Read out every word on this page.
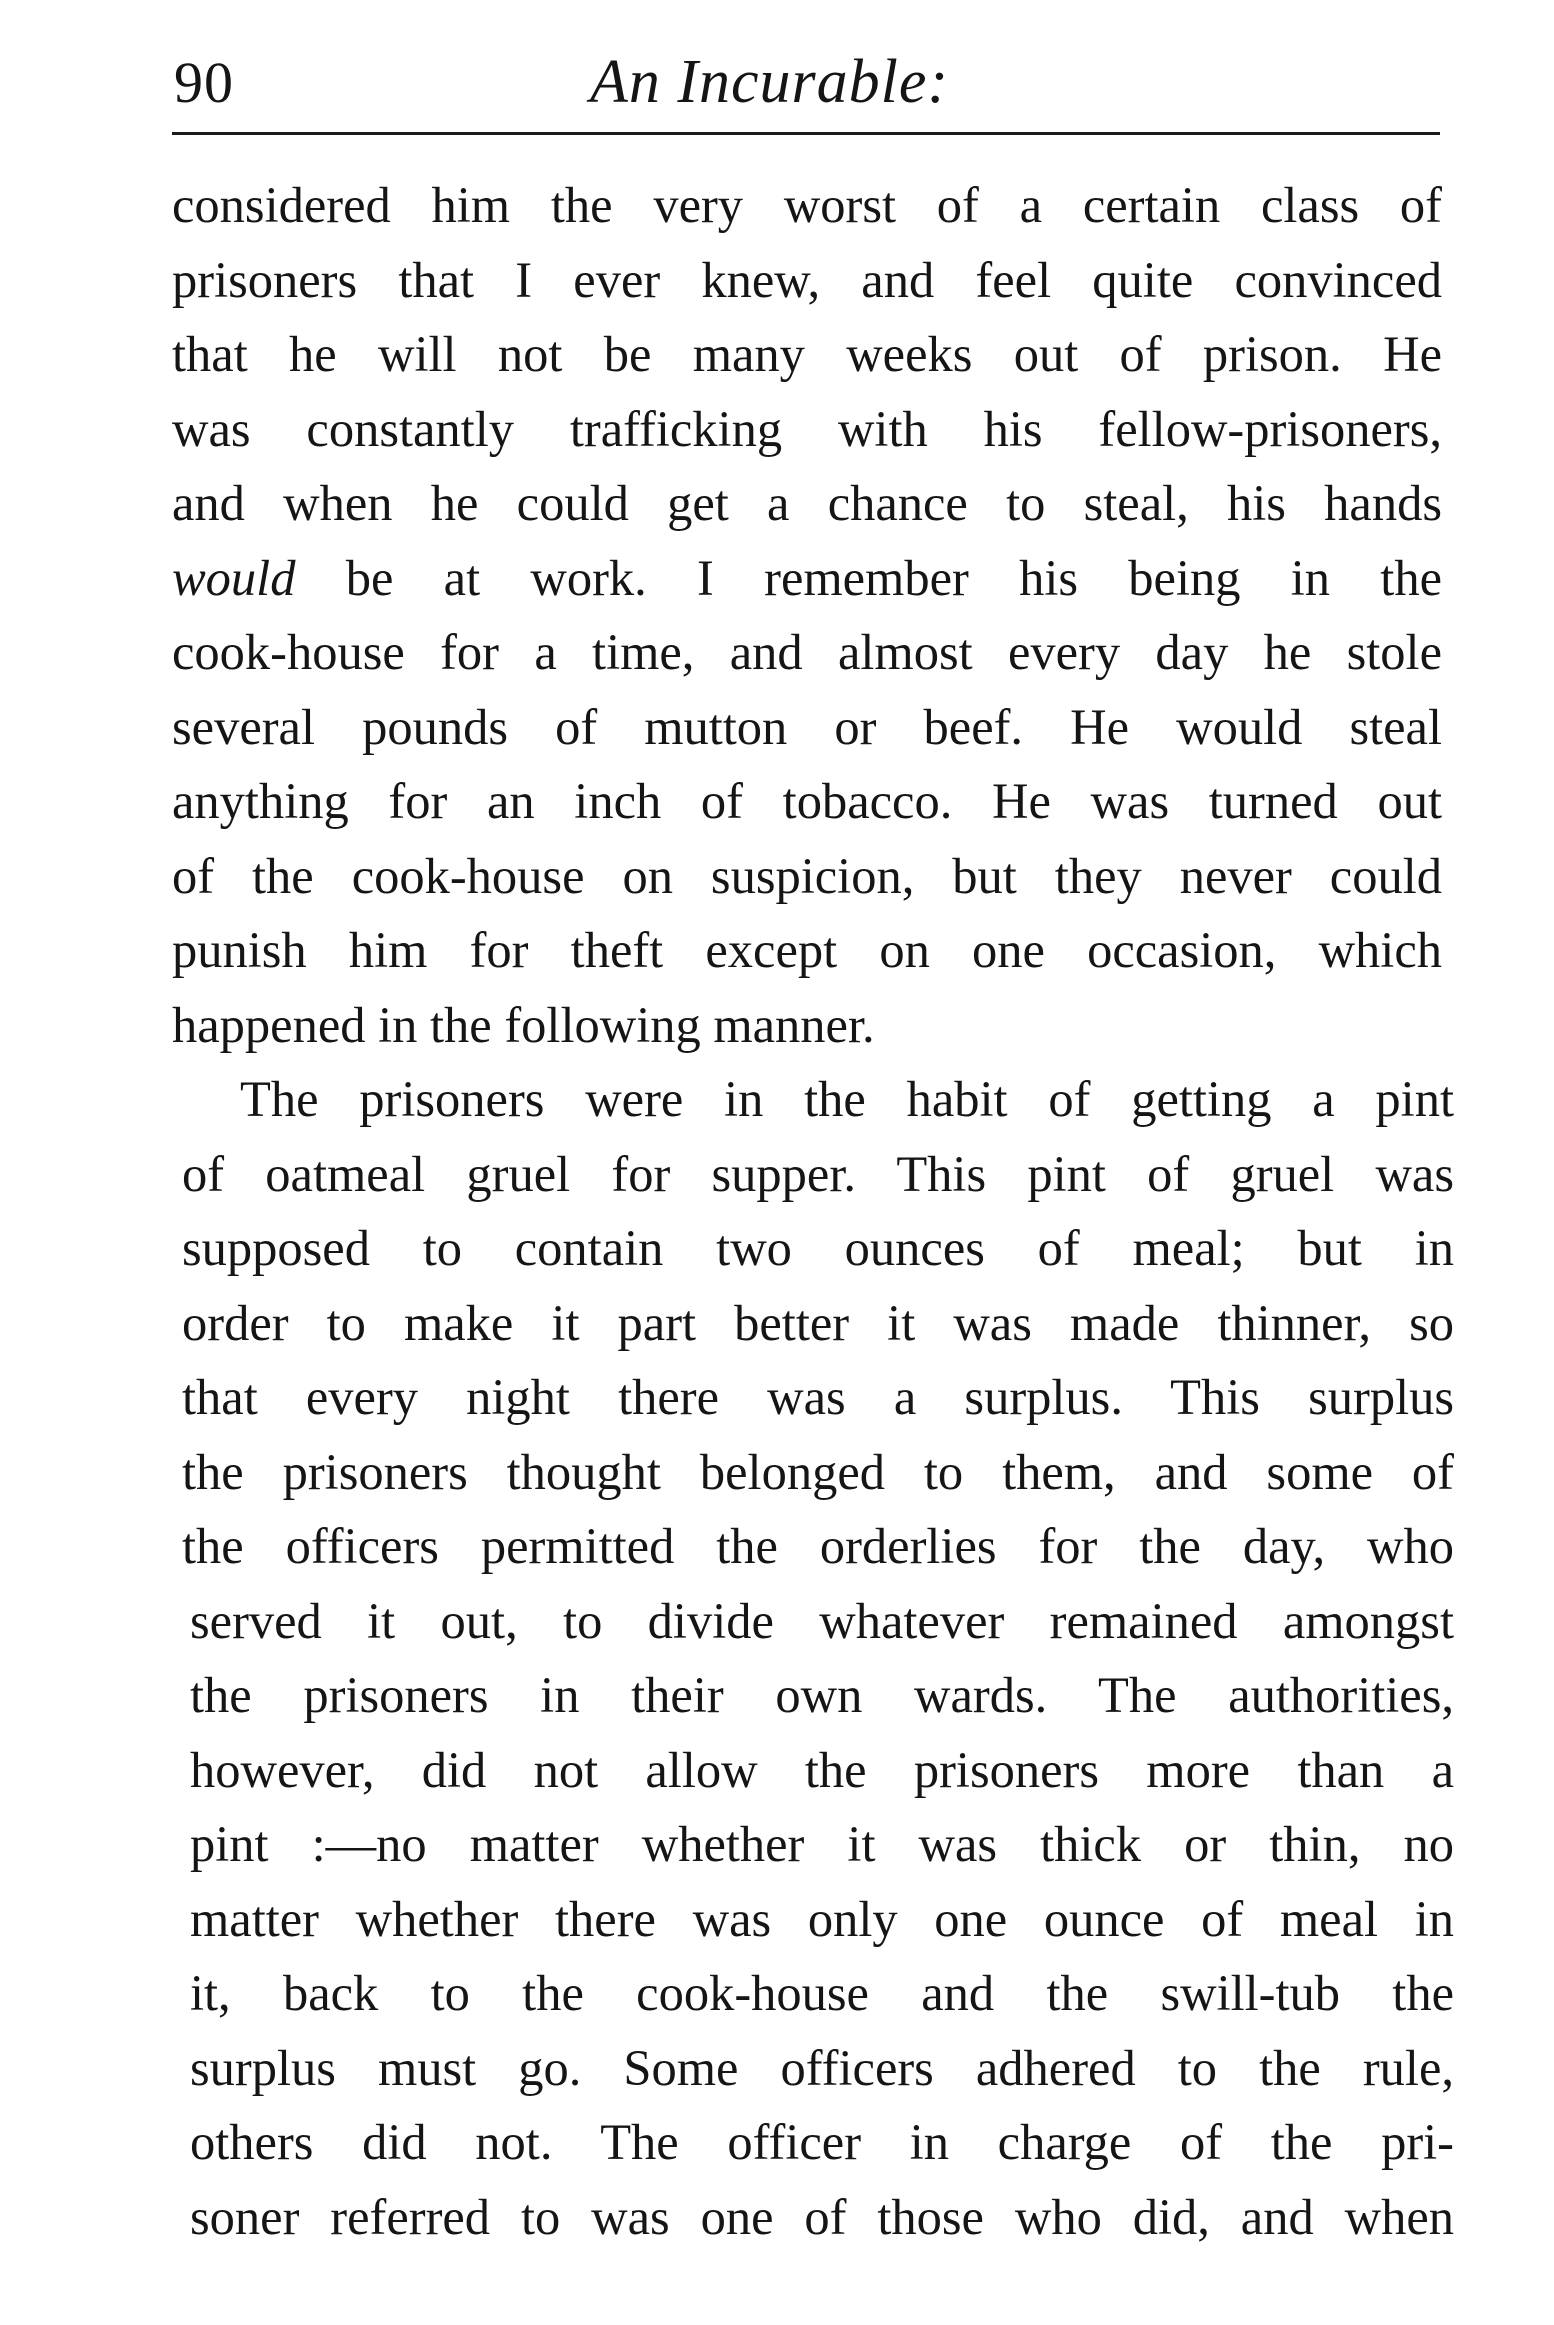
90	An Incurable:
considered him the very worst of a certain class of
prisoners that I ever knew, and feel quite convinced
that he will not be many weeks out of prison. He
was constantly trafficking with his fellow-prisoners,
and when he could get a chance to steal, his hands
would be at work. I remember his being in the
cook-house for a time, and almost every day he stole
several pounds of mutton or beef. He would steal
anything for an inch of tobacco. He was turned out
of the cook-house on suspicion, but they never could
punish him for theft except on one occasion, which
happened in the following manner.
The prisoners were in the habit of getting a pint
of oatmeal gruel for supper. This pint of gruel was
supposed to contain two ounces of meal; but in
order to make it part better it was made thinner, so
that every night there was a surplus. This surplus
the prisoners thought belonged to them, and some of
the officers permitted the orderlies for the day, who
served it out, to divide whatever remained amongst
the prisoners in their own wards. The authorities,
however, did not allow the prisoners more than a
pint :—no matter whether it was thick or thin, no
matter whether there was only one ounce of meal in
it, back to the cook-house and the swill-tub the
surplus must go. Some officers adhered to the rule,
others did not. The officer in charge of the pri-
soner referred to was one of those who did, and when
